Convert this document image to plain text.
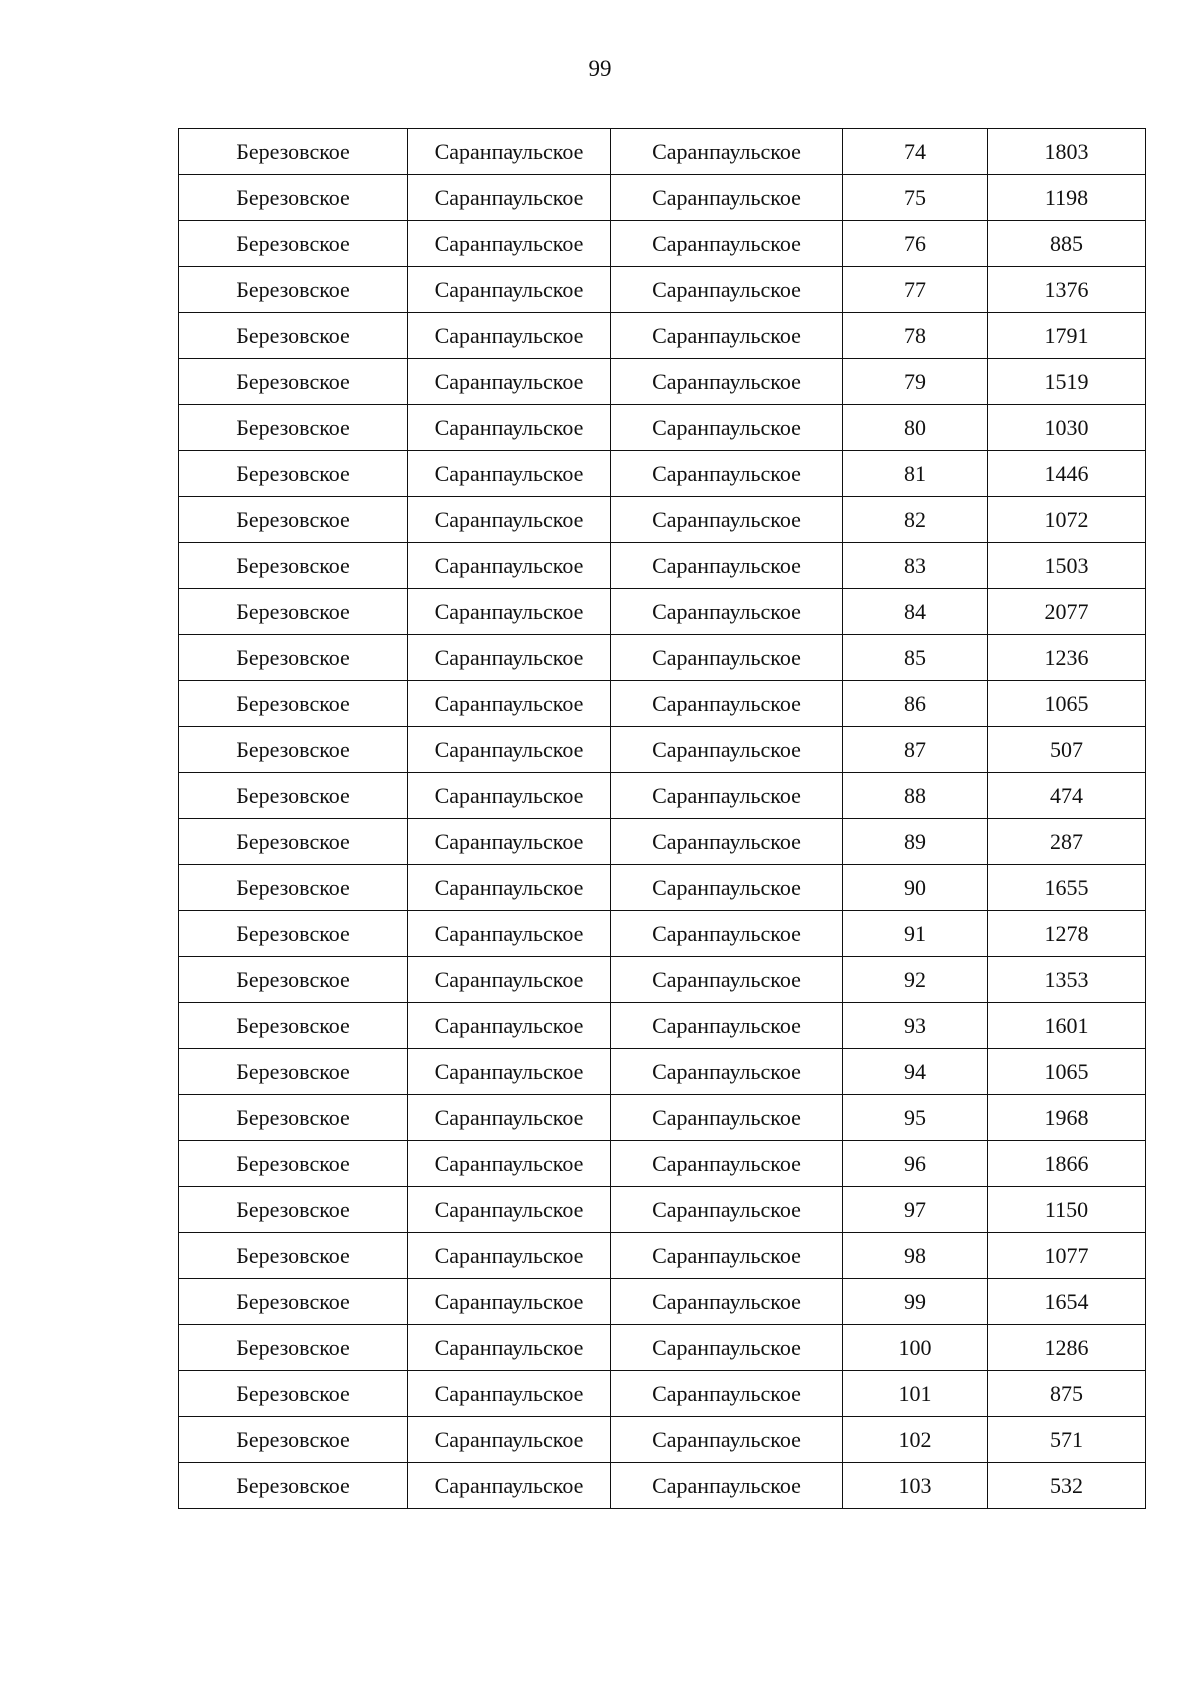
99
Березовское	Саранпаульское	Саранпаульское	74	1803
Березовское	Саранпаульское	Саранпаульское	75	1198
Березовское	Саранпаульское	Саранпаульское	76	885
Березовское	Саранпаульское	Саранпаульское	77	1376
Березовское	Саранпаульское	Саранпаульское	78	1791
Березовское	Саранпаульское	Саранпаульское	79	1519
Березовское	Саранпаульское	Саранпаульское	80	1030
Березовское	Саранпаульское	Саранпаульское	81	1446
Березовское	Саранпаульское	Саранпаульское	82	1072
Березовское	Саранпаульское	Саранпаульское	83	1503
Березовское	Саранпаульское	Саранпаульское	84	2077
Березовское	Саранпаульское	Саранпаульское	85	1236
Березовское	Саранпаульское	Саранпаульское	86	1065
Березовское	Саранпаульское	Саранпаульское	87	507
Березовское	Саранпаульское	Саранпаульское	88	474
Березовское	Саранпаульское	Саранпаульское	89	287
Березовское	Саранпаульское	Саранпаульское	90	1655
Березовское	Саранпаульское	Саранпаульское	91	1278
Березовское	Саранпаульское	Саранпаульское	92	1353
Березовское	Саранпаульское	Саранпаульское	93	1601
Березовское	Саранпаульское	Саранпаульское	94	1065
Березовское	Саранпаульское	Саранпаульское	95	1968
Березовское	Саранпаульское	Саранпаульское	96	1866
Березовское	Саранпаульское	Саранпаульское	97	1150
Березовское	Саранпаульское	Саранпаульское	98	1077
Березовское	Саранпаульское	Саранпаульское	99	1654
Березовское	Саранпаульское	Саранпаульское	100	1286
Березовское	Саранпаульское	Саранпаульское	101	875
Березовское	Саранпаульское	Саранпаульское	102	571
Березовское	Саранпаульское	Саранпаульское	103	532
